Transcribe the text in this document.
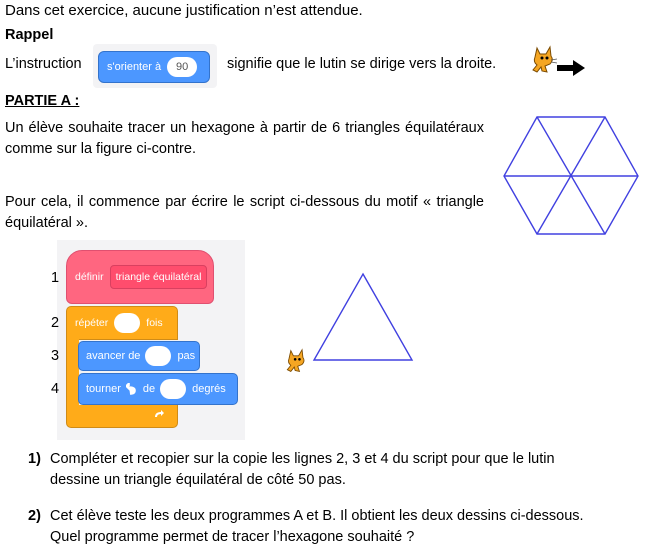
Dans cet exercice, aucune justification n’est attendue.
Rappel
L’instruction s'orienter à	90	signifie que le lutin se dirige vers la droite.
PARTIE A :
Un élève souhaite tracer un hexagone à partir de 6 triangles équilatéraux comme sur la figure ci-contre.
Pour cela, il commence par écrire le script ci-dessous du motif « triangle équilatéral ».
1
2
3
4
définir	triangle équilatéral
répéter	fois
avancer de	pas
tourner de	degrés
1) Compléter et recopier sur la copie les lignes 2, 3 et 4 du script pour que le lutin
dessine un triangle équilatéral de côté 50 pas.
2) Cet élève teste les deux programmes A et B. Il obtient les deux dessins ci-dessous.
Quel programme permet de tracer l’hexagone souhaité ?
